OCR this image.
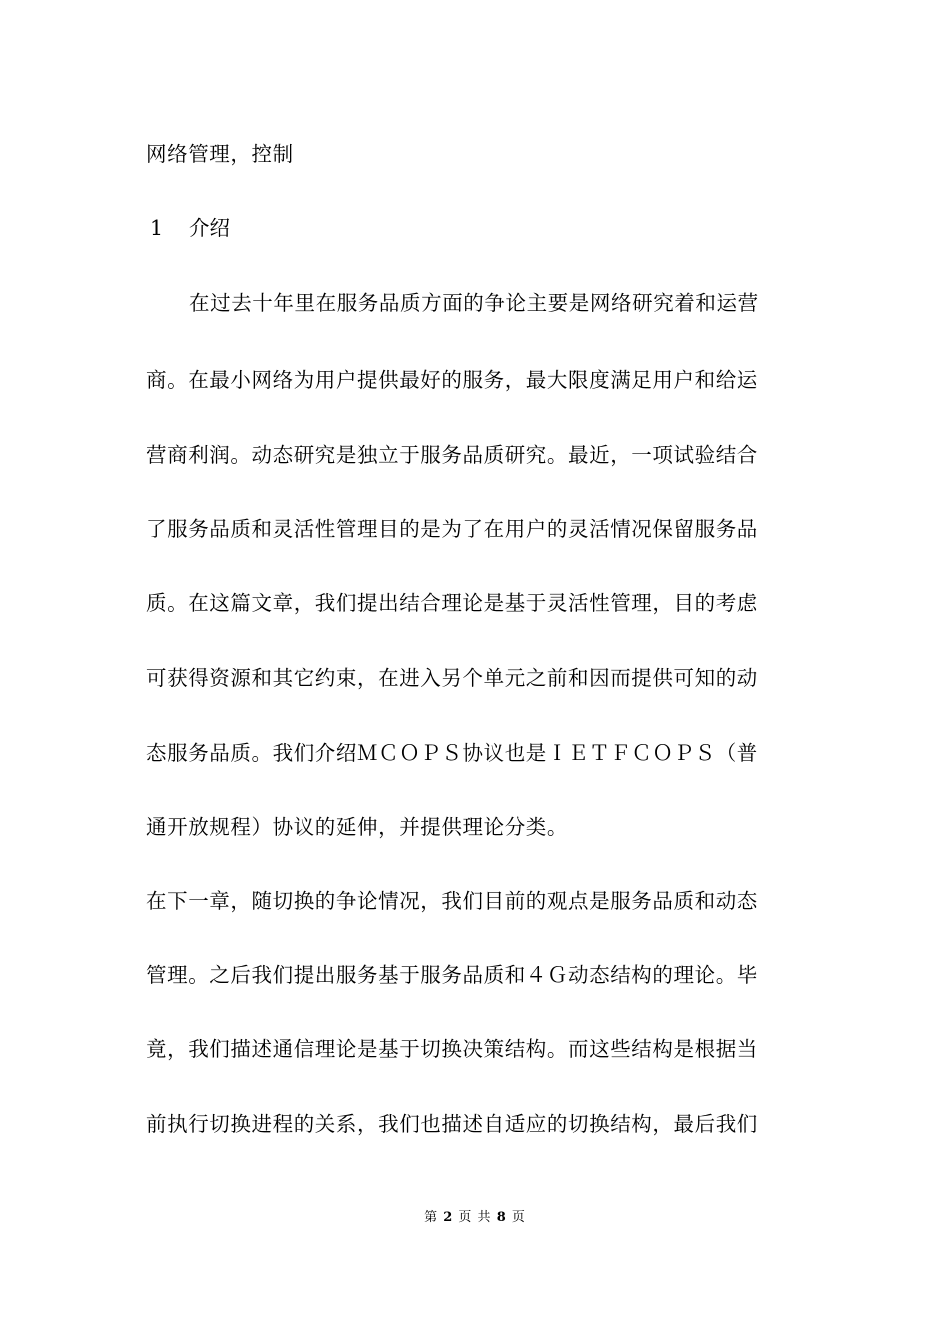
网络管理，控制
1 介绍
在过去十年里在服务品质方面的争论主要是网络研究着和运营
商。在最小网络为用户提供最好的服务，最大限度满足用户和给运
营商利润。动态研究是独立于服务品质研究。最近，一项试验结合
了服务品质和灵活性管理目的是为了在用户的灵活情况保留服务品
质。在这篇文章，我们提出结合理论是基于灵活性管理，目的考虑
可获得资源和其它约束，在进入另个单元之前和因而提供可知的动
态服务品质。我们介绍ＭＣＯＰＳ协议也是ＩＥＴＦＣＯＰＳ（普
通开放规程）协议的延伸，并提供理论分类。
在下一章，随切换的争论情况，我们目前的观点是服务品质和动态
管理。之后我们提出服务基于服务品质和４Ｇ动态结构的理论。毕
竟，我们描述通信理论是基于切换决策结构。而这些结构是根据当
前执行切换进程的关系，我们也描述自适应的切换结构，最后我们
第 2 页 共 8 页
